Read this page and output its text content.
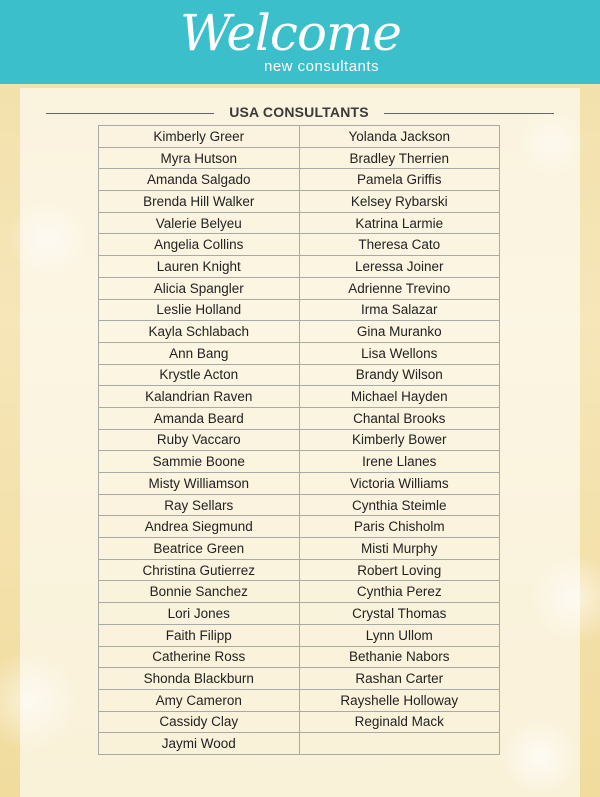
Welcome
new consultants
USA CONSULTANTS
Kimberly Greer	Yolanda Jackson
Myra Hutson	Bradley Therrien
Amanda Salgado	Pamela Griffis
Brenda Hill Walker	Kelsey Rybarski
Valerie Belyeu	Katrina Larmie
Angelia Collins	Theresa Cato
Lauren Knight	Leressa Joiner
Alicia Spangler	Adrienne Trevino
Leslie Holland	Irma Salazar
Kayla Schlabach	Gina Muranko
Ann Bang	Lisa Wellons
Krystle Acton	Brandy Wilson
Kalandrian Raven	Michael Hayden
Amanda Beard	Chantal Brooks
Ruby Vaccaro	Kimberly Bower
Sammie Boone	Irene Llanes
Misty Williamson	Victoria Williams
Ray Sellars	Cynthia Steimle
Andrea Siegmund	Paris Chisholm
Beatrice Green	Misti Murphy
Christina Gutierrez	Robert Loving
Bonnie Sanchez	Cynthia Perez
Lori Jones	Crystal Thomas
Faith Filipp	Lynn Ullom
Catherine Ross	Bethanie Nabors
Shonda Blackburn	Rashan Carter
Amy Cameron	Rayshelle Holloway
Cassidy Clay	Reginald Mack
Jaymi Wood	
